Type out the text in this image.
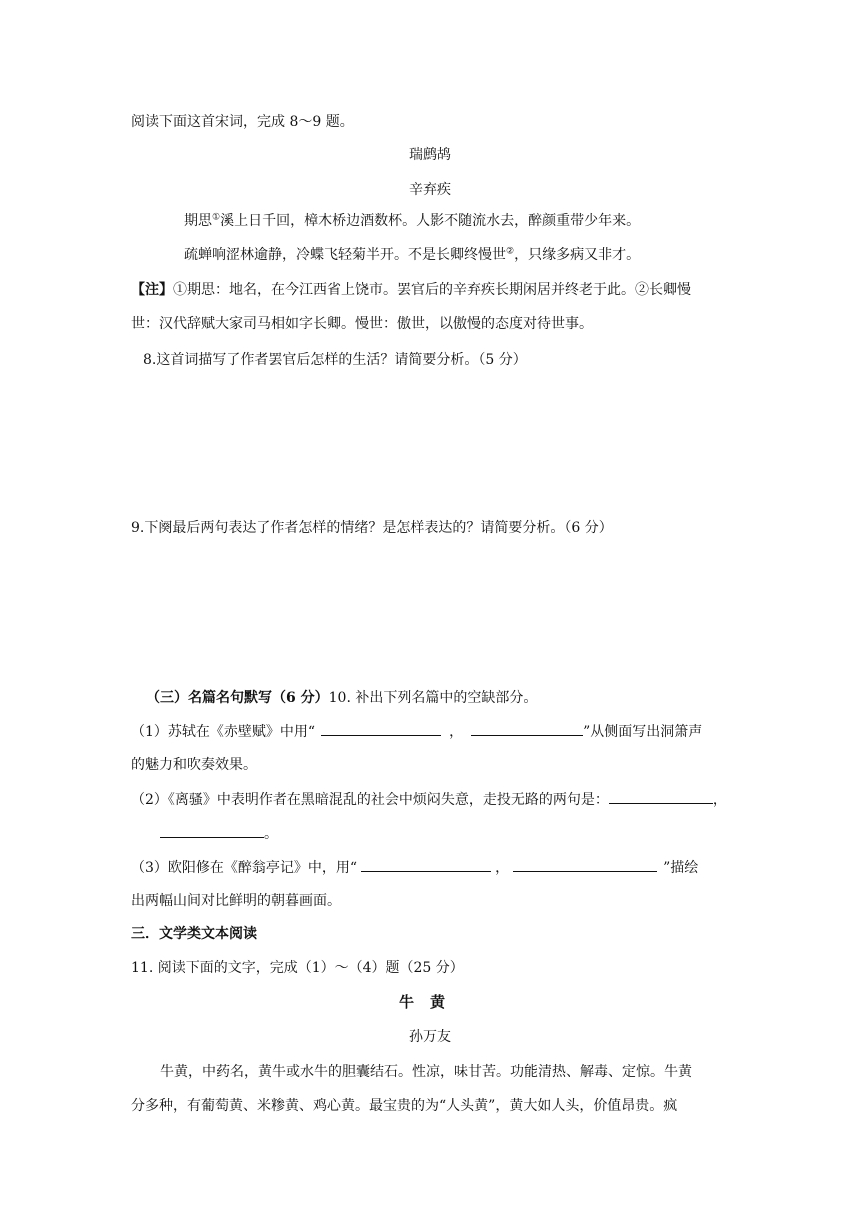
阅读下面这首宋词，完成 8～9 题。
瑞鹧鸪
辛弃疾
期思①溪上日千回，樟木桥边酒数杯。人影不随流水去，醉颜重带少年来。
疏蝉响涩林逾静，冷蝶飞轻菊半开。不是长卿终慢世②，只缘多病又非才。
【注】①期思：地名，在今江西省上饶市。罢官后的辛弃疾长期闲居并终老于此。②长卿慢
世：汉代辞赋大家司马相如字长卿。慢世：傲世，以傲慢的态度对待世事。
8.这首词描写了作者罢官后怎样的生活？请简要分析。（5 分）
9.下阕最后两句表达了作者怎样的情绪？是怎样表达的？请简要分析。（6 分）
（三）名篇名句默写（6 分）10. 补出下列名篇中的空缺部分。
（1）苏轼在《赤壁赋》中用“	，	”从侧面写出洞箫声
的魅力和吹奏效果。
（2）《离骚》中表明作者在黑暗混乱的社会中烦闷失意，走投无路的两句是：	，
。
（3）欧阳修在《醉翁亭记》中，用“	，	”描绘
出两幅山间对比鲜明的朝暮画面。
三．文学类文本阅读
11. 阅读下面的文字，完成（1）～（4）题（25 分）
牛黄
孙万友
牛黄，中药名，黄牛或水牛的胆囊结石。性凉，味甘苦。功能清热、解毒、定惊。牛黄
分多种，有葡萄黄、米糁黄、鸡心黄。最宝贵的为“人头黄”，黄大如人头，价值昂贵。疯
